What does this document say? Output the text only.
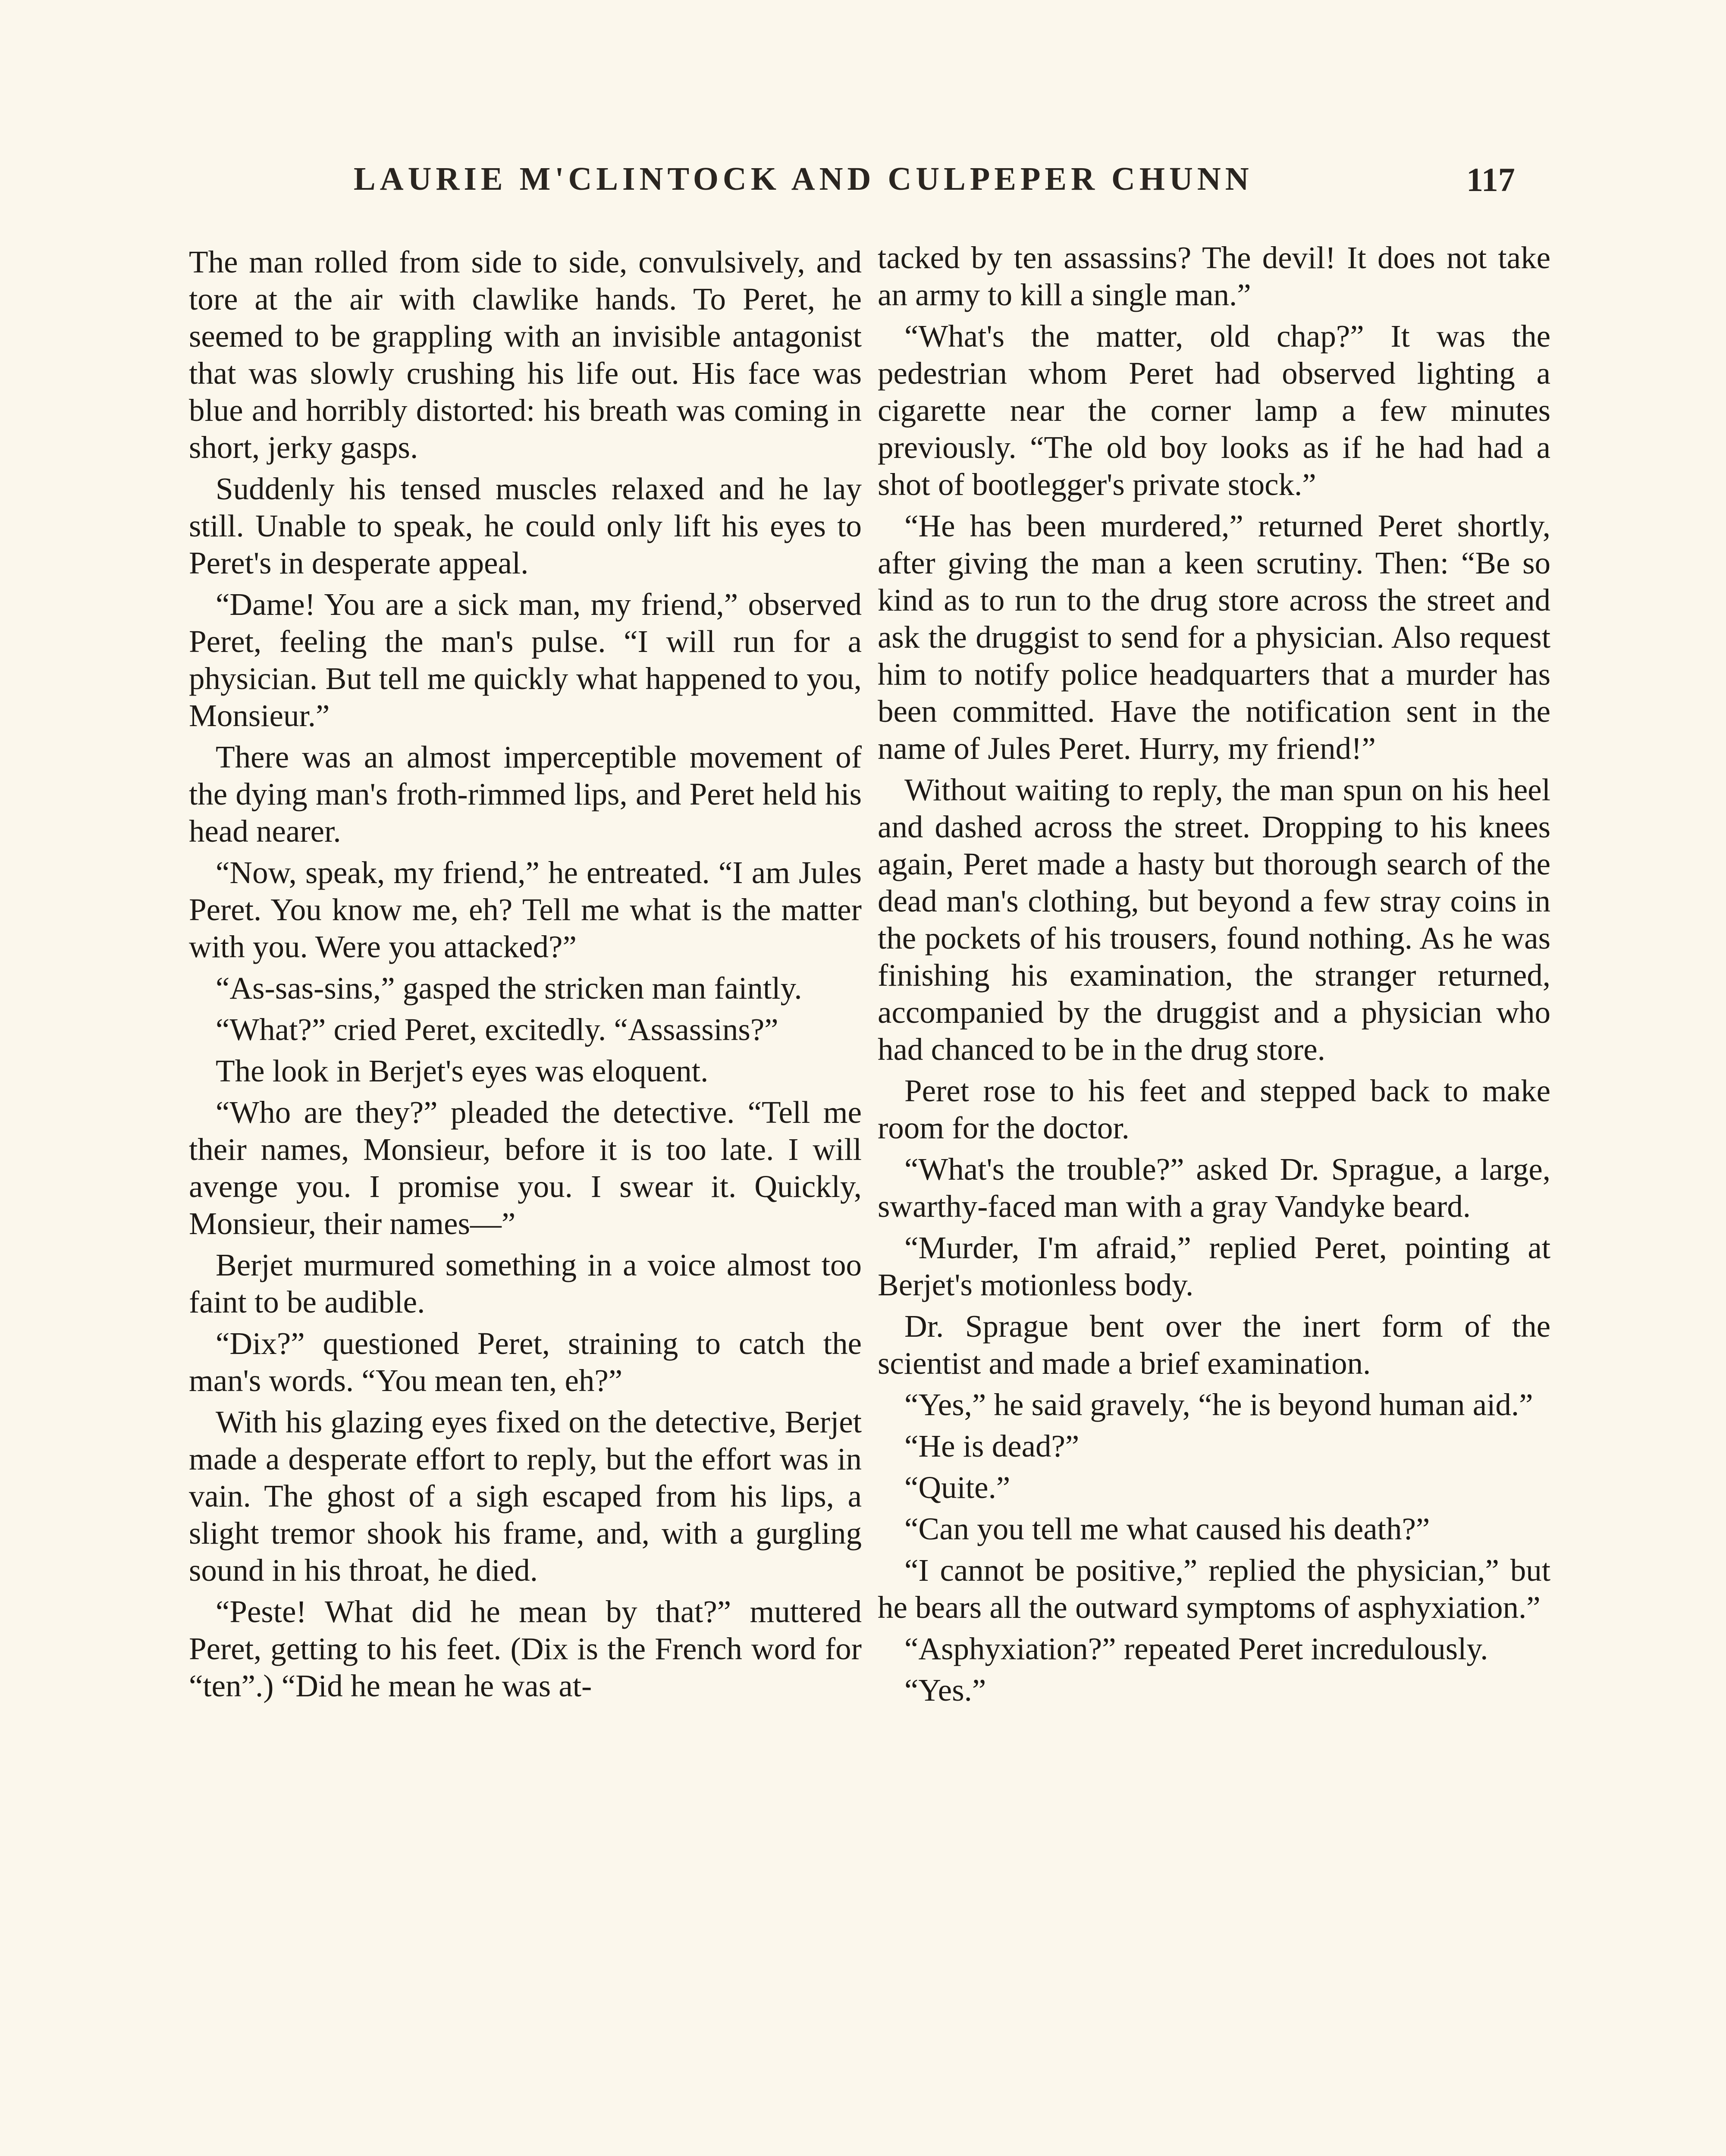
LAURIE M'CLINTOCK AND CULPEPER CHUNN	117

The man rolled from side to side, convulsively, and tore at the air with clawlike hands. To Peret, he seemed to be grappling with an invisible antagonist that was slowly crushing his life out. His face was blue and horribly distorted: his breath was coming in short, jerky gasps.

Suddenly his tensed muscles relaxed and he lay still. Unable to speak, he could only lift his eyes to Peret's in desperate appeal.

“Dame! You are a sick man, my friend,” observed Peret, feeling the man's pulse. “I will run for a physician. But tell me quickly what happened to you, Monsieur.”

There was an almost imperceptible movement of the dying man's froth-rimmed lips, and Peret held his head nearer.

“Now, speak, my friend,” he entreated. “I am Jules Peret. You know me, eh? Tell me what is the matter with you. Were you attacked?”

“As-sas-sins,” gasped the stricken man faintly.

“What?” cried Peret, excitedly. “Assassins?”

The look in Berjet's eyes was eloquent.

“Who are they?” pleaded the detective. “Tell me their names, Monsieur, before it is too late. I will avenge you. I promise you. I swear it. Quickly, Monsieur, their names—”

Berjet murmured something in a voice almost too faint to be audible.

“Dix?” questioned Peret, straining to catch the man's words. “You mean ten, eh?”

With his glazing eyes fixed on the detective, Berjet made a desperate effort to reply, but the effort was in vain. The ghost of a sigh escaped from his lips, a slight tremor shook his frame, and, with a gurgling sound in his throat, he died.

“Peste! What did he mean by that?” muttered Peret, getting to his feet. (Dix is the French word for “ten”.) “Did he mean he was at-

tacked by ten assassins? The devil! It does not take an army to kill a single man.”

“What's the matter, old chap?” It was the pedestrian whom Peret had observed lighting a cigarette near the corner lamp a few minutes previously. “The old boy looks as if he had had a shot of bootlegger's private stock.”

“He has been murdered,” returned Peret shortly, after giving the man a keen scrutiny. Then: “Be so kind as to run to the drug store across the street and ask the druggist to send for a physician. Also request him to notify police headquarters that a murder has been committed. Have the notification sent in the name of Jules Peret. Hurry, my friend!”

Without waiting to reply, the man spun on his heel and dashed across the street. Dropping to his knees again, Peret made a hasty but thorough search of the dead man's clothing, but beyond a few stray coins in the pockets of his trousers, found nothing. As he was finishing his examination, the stranger returned, accompanied by the druggist and a physician who had chanced to be in the drug store.

Peret rose to his feet and stepped back to make room for the doctor.

“What's the trouble?” asked Dr. Sprague, a large, swarthy-faced man with a gray Vandyke beard.

“Murder, I'm afraid,” replied Peret, pointing at Berjet's motionless body.

Dr. Sprague bent over the inert form of the scientist and made a brief examination.

“Yes,” he said gravely, “he is beyond human aid.”

“He is dead?”

“Quite.”

“Can you tell me what caused his death?”

“I cannot be positive,” replied the physician,” but he bears all the outward symptoms of asphyxiation.”

“Asphyxiation?” repeated Peret incredulously.

“Yes.”
